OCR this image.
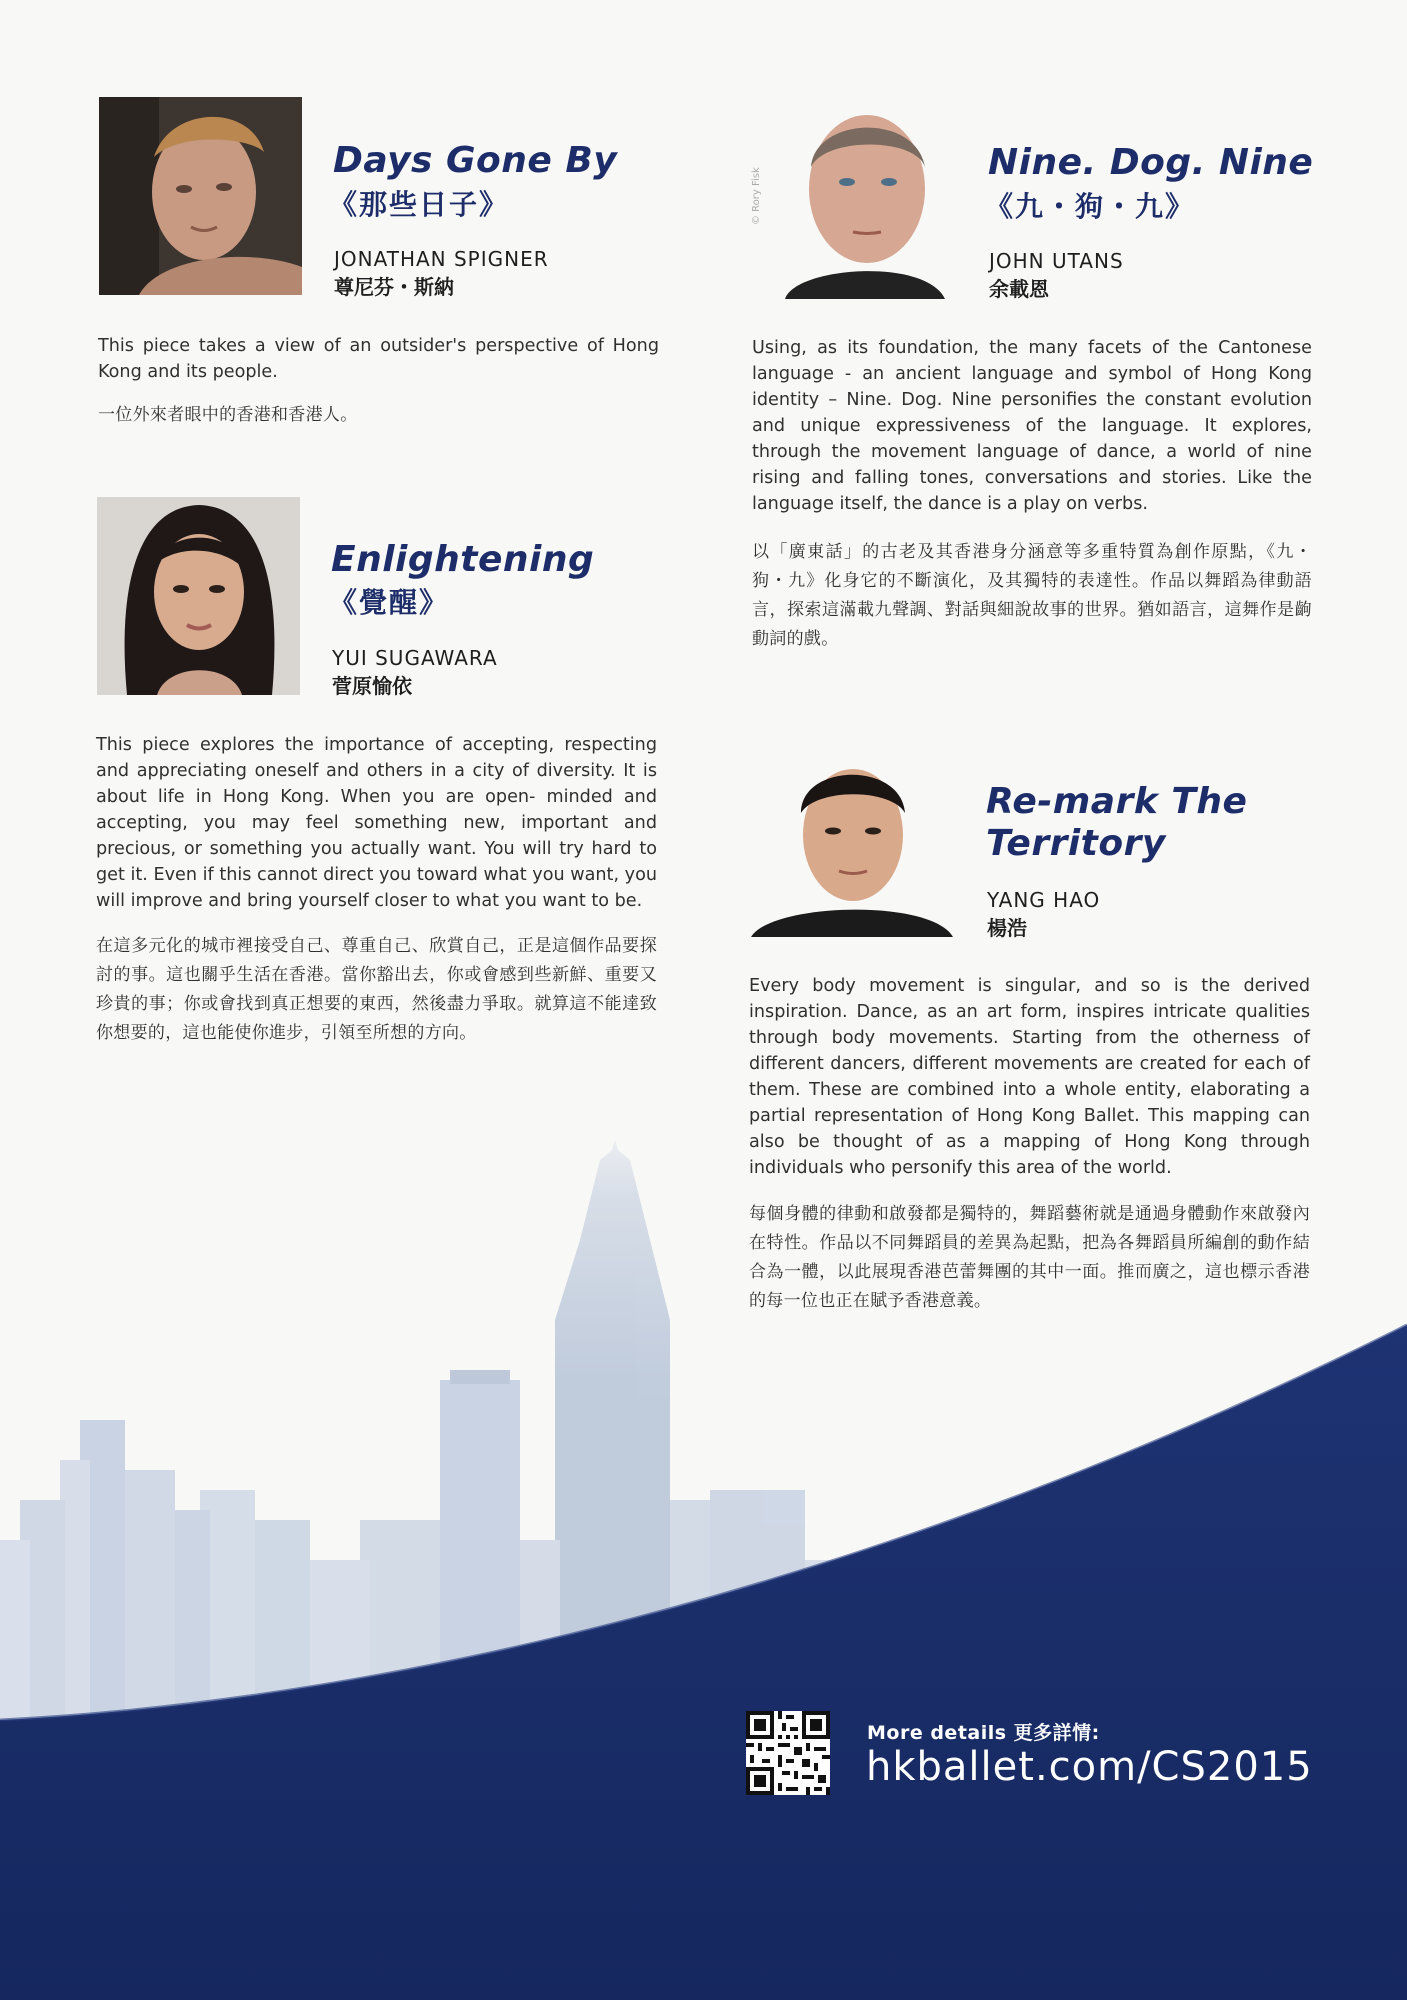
Days Gone By

《那些日子》

JONATHAN SPIGNER

尊尼芬・斯納

This piece takes a view of an outsider's perspective of Hong Kong and its people.

一位外來者眼中的香港和香港人。

Enlightening

《覺醒》

YUI SUGAWARA

菅原愉依

This piece explores the importance of accepting, respecting and appreciating oneself and others in a city of diversity. It is about life in Hong Kong. When you are open- minded and accepting, you may feel something new, important and precious, or something you actually want. You will try hard to get it. Even if this cannot direct you toward what you want, you will improve and bring yourself closer to what you want to be.

在這多元化的城市裡接受自己、尊重自己、欣賞自己，正是這個作品要探討的事。這也關乎生活在香港。當你豁出去，你或會感到些新鮮、重要又珍貴的事；你或會找到真正想要的東西，然後盡力爭取。就算這不能達致你想要的，這也能使你進步，引領至所想的方向。

© Rory Fisk
Nine. Dog. Nine

《九・狗・九》

JOHN UTANS

余載恩

Using, as its foundation, the many facets of the Cantonese language - an ancient language and symbol of Hong Kong identity – Nine. Dog. Nine personifies the constant evolution and unique expressiveness of the language. It explores, through the movement language of dance, a world of nine rising and falling tones, conversations and stories. Like the language itself, the dance is a play on verbs.

以「廣東話」的古老及其香港身分涵意等多重特質為創作原點，《九・狗・九》化身它的不斷演化，及其獨特的表達性。作品以舞蹈為律動語言，探索這滿載九聲調、對話與細說故事的世界。猶如語言，這舞作是齣動詞的戲。

Re-mark The
Territory

YANG HAO

楊浩

Every body movement is singular, and so is the derived inspiration. Dance, as an art form, inspires intricate qualities through body movements. Starting from the otherness of different dancers, different movements are created for each of them. These are combined into a whole entity, elaborating a partial representation of Hong Kong Ballet. This mapping can also be thought of as a mapping of Hong Kong through individuals who personify this area of the world.

每個身體的律動和啟發都是獨特的，舞蹈藝術就是通過身體動作來啟發內在特性。作品以不同舞蹈員的差異為起點，把為各舞蹈員所編創的動作結合為一體，以此展現香港芭蕾舞團的其中一面。推而廣之，這也標示香港的每一位也正在賦予香港意義。

More details 更多詳情:
hkballet.com/CS2015
